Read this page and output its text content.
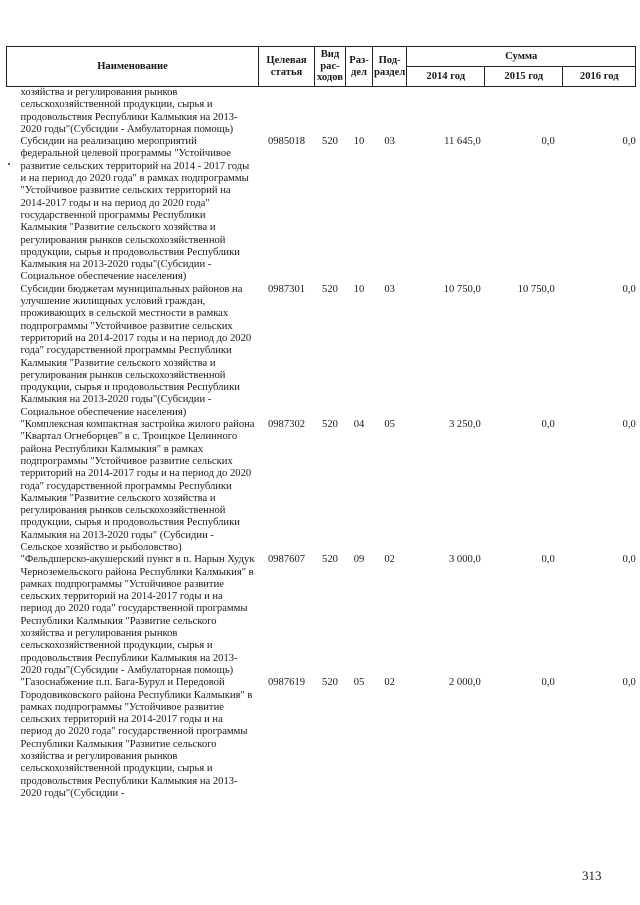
Наименование	Целевая статья	Вид рас-ходов	Раз-дел	Под-раздел	Сумма		
					2014 год	2015 год	2016 год
хозяйства и регулирования рынков сельскохозяйственной продукции, сырья и продовольствия Республики Калмыкия на 2013-2020 годы"(Субсидии - Амбулаторная помощь)							
Субсидии на реализацию мероприятий федеральной целевой программы "Устойчивое развитие сельских территорий на 2014 - 2017 годы и на период до 2020 года" в рамках подпрограммы "Устойчивое развитие сельских территорий на 2014-2017 годы и на период до 2020 года" государственной программы Республики Калмыкия "Развитие сельского хозяйства и регулирования рынков сельскохозяйственной продукции, сырья и продовольствия Республики Калмыкия на 2013-2020 годы"(Субсидии - Социальное обеспечение населения)	0985018	520	10	03	11 645,0	0,0	0,0
Субсидии бюджетам муниципальных районов на улучшение жилищных условий граждан, проживающих в сельской местности в рамках подпрограммы "Устойчивое развитие сельских территорий на 2014-2017 годы и на период до 2020 года" государственной программы Республики Калмыкия "Развитие сельского хозяйства и регулирования рынков сельскохозяйственной продукции, сырья и продовольствия Республики Калмыкия на 2013-2020 годы"(Субсидии - Социальное обеспечение населения)	0987301	520	10	03	10 750,0	10 750,0	0,0
"Комплексная компактная застройка жилого района "Квартал Огнеборцев" в с. Троицкое Целинного района Республики Калмыкия" в рамках подпрограммы "Устойчивое развитие сельских территорий на 2014-2017 годы и на период до 2020 года" государственной программы Республики Калмыкия "Развитие сельского хозяйства и регулирования рынков сельскохозяйственной продукции, сырья и продовольствия Республики Калмыкия на 2013-2020 годы" (Субсидии - Сельское хозяйство и рыболовство)	0987302	520	04	05	3 250,0	0,0	0,0
"Фельдшерско-акушерский пункт в п. Нарын Худук Черноземельского района Республики Калмыкия" в рамках подпрограммы "Устойчивое развитие сельских территорий на 2014-2017 годы и на период до 2020 года" государственной программы Республики Калмыкия "Развитие сельского хозяйства и регулирования рынков сельскохозяйственной продукции, сырья и продовольствия Республики Калмыкия на 2013-2020 годы"(Субсидии - Амбулаторная помощь)	0987607	520	09	02	3 000,0	0,0	0,0
"Газоснабжение п.п. Бага-Бурул и Передовой Городовиковского района Республики Калмыкия" в рамках подпрограммы "Устойчивое развитие сельских территорий на 2014-2017 годы и на период до 2020 года" государственной программы Республики Калмыкия "Развитие сельского хозяйства и регулирования рынков сельскохозяйственной продукции, сырья и продовольствия Республики Калмыкия на 2013-2020 годы"(Субсидии -	0987619	520	05	02	2 000,0	0,0	0,0
313
